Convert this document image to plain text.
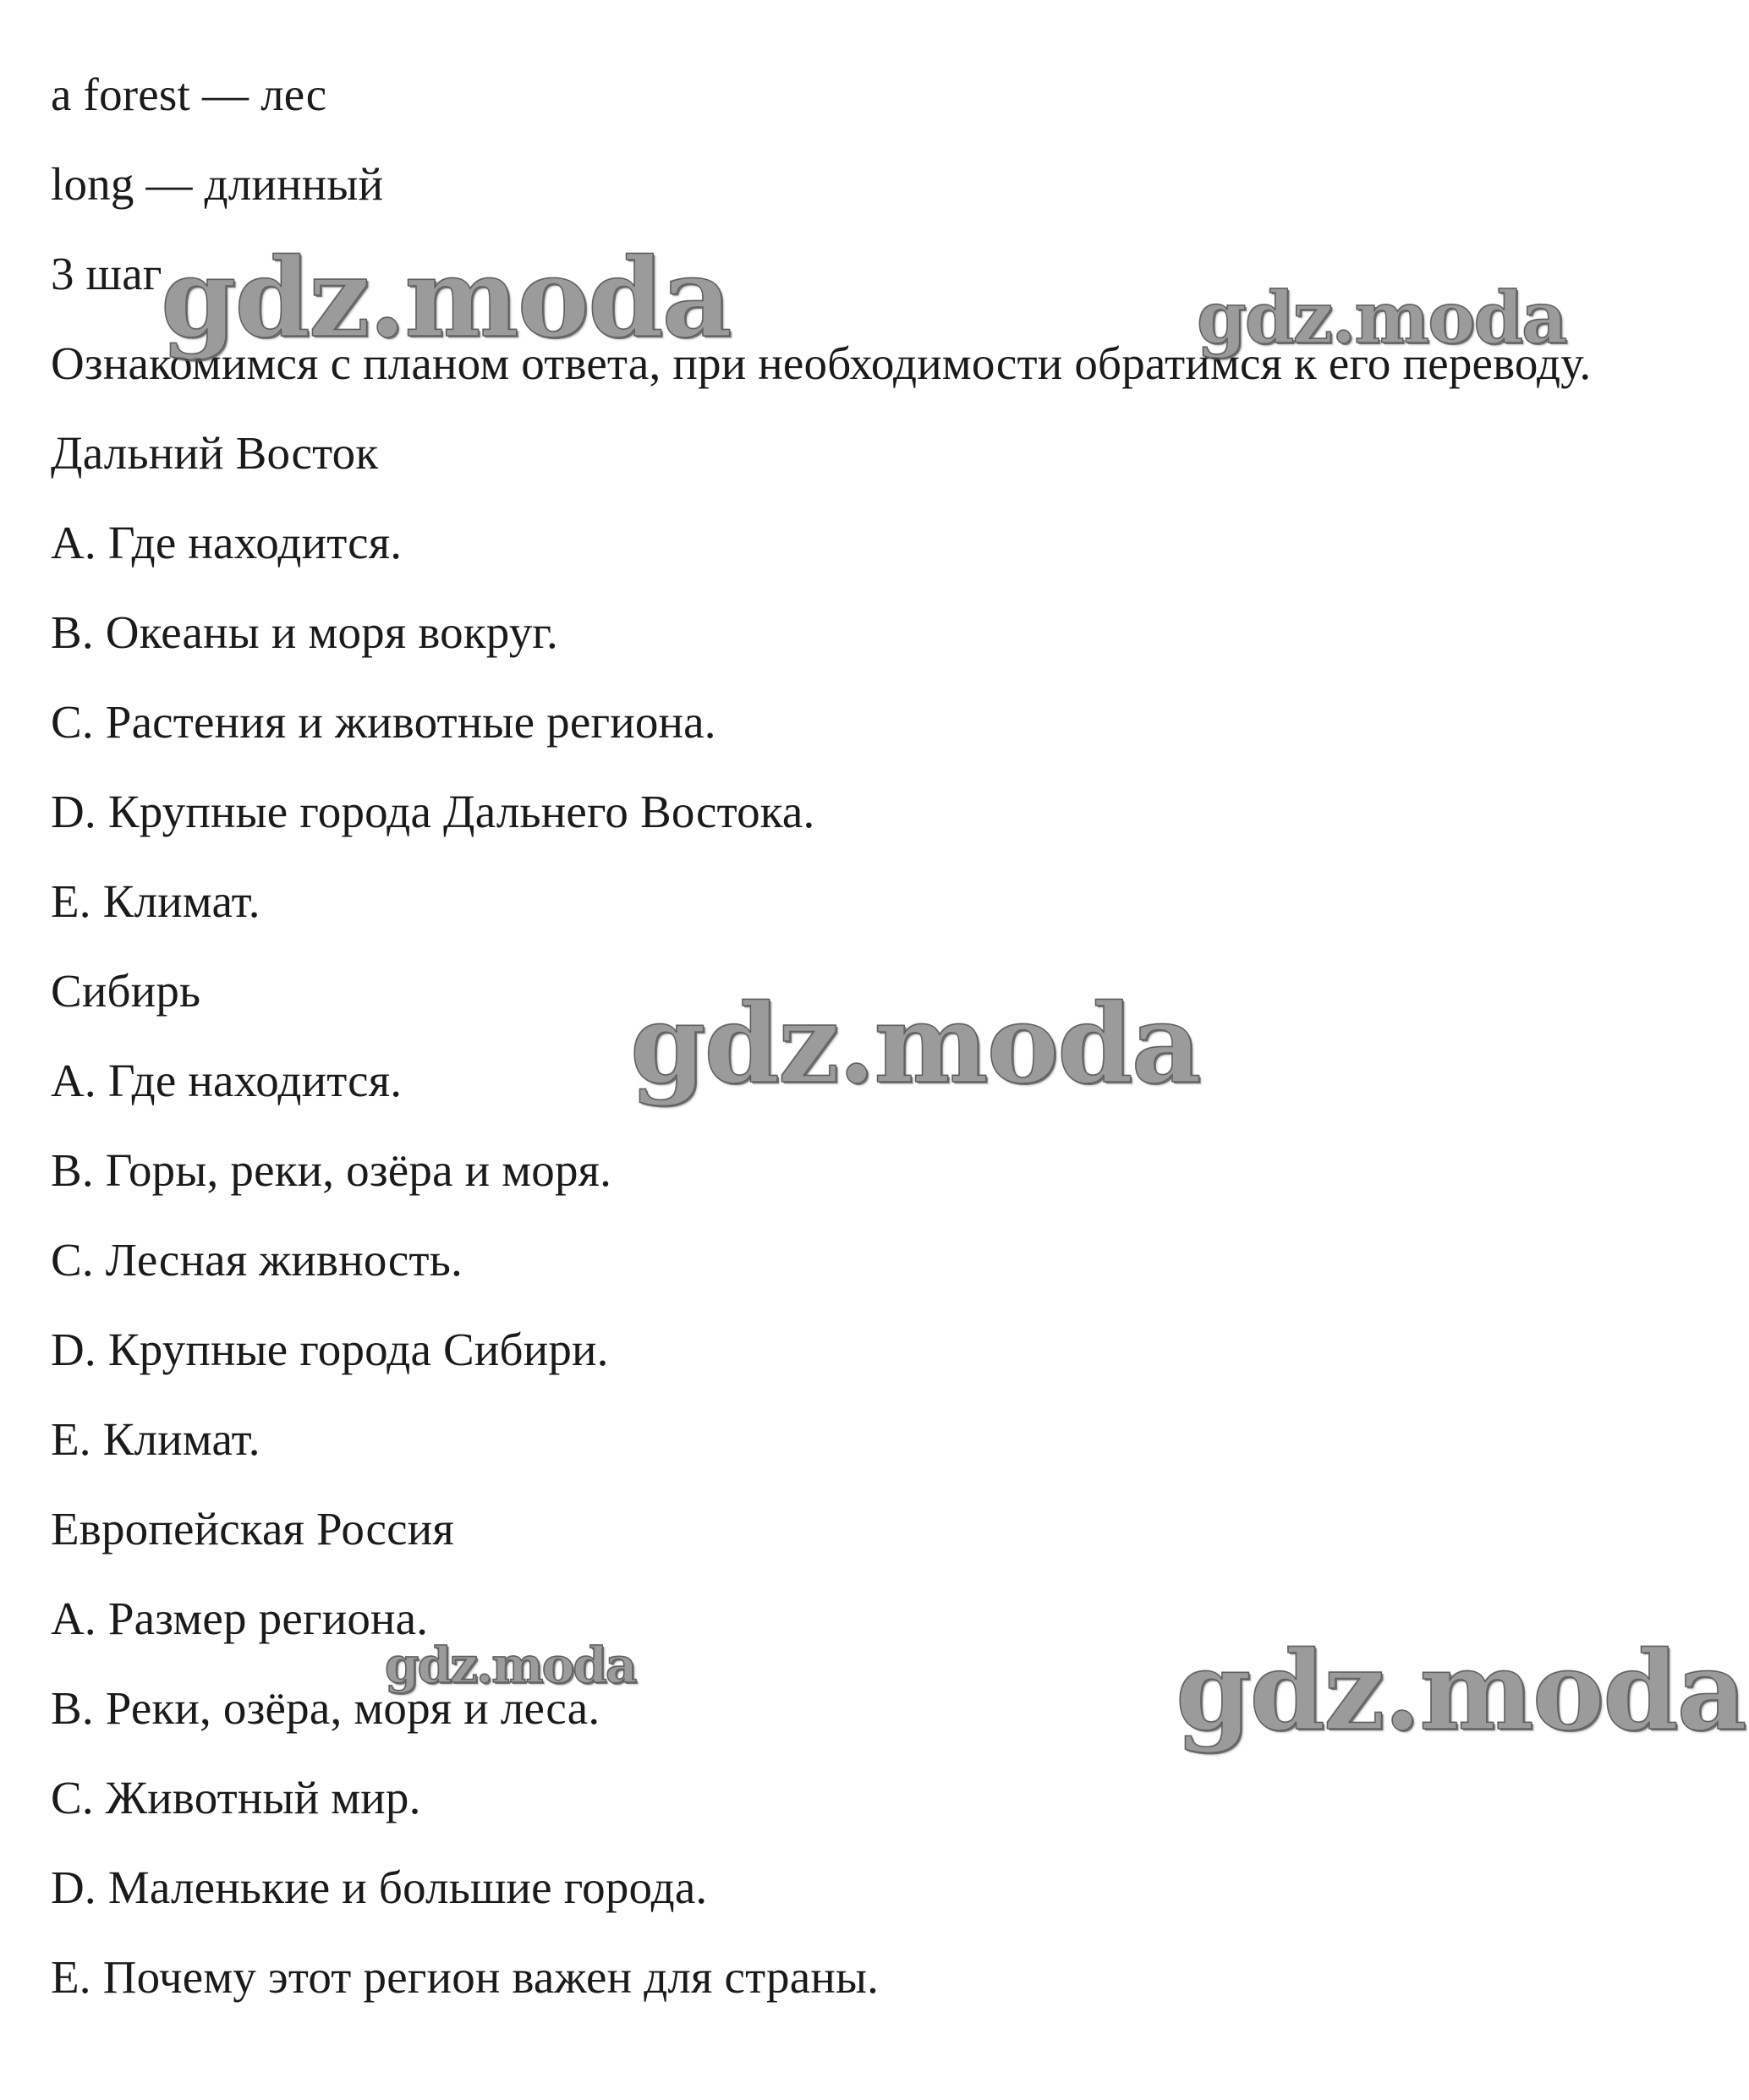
a forest — лес
long — длинный
3 шаг
Ознакомимся с планом ответа, при необходимости обратимся к его переводу.
Дальний Восток
A. Где находится.
B. Океаны и моря вокруг.
C. Растения и животные региона.
D. Крупные города Дальнего Востока.
E. Климат.
Сибирь
A. Где находится.
B. Горы, реки, озёра и моря.
C. Лесная живность.
D. Крупные города Сибири.
E. Климат.
Европейская Россия
A. Размер региона.
B. Реки, озёра, моря и леса.
C. Животный мир.
D. Маленькие и большие города.
E. Почему этот регион важен для страны.
gdz.moda	gdz.moda
gdz.moda
gdz.moda	gdz.moda
